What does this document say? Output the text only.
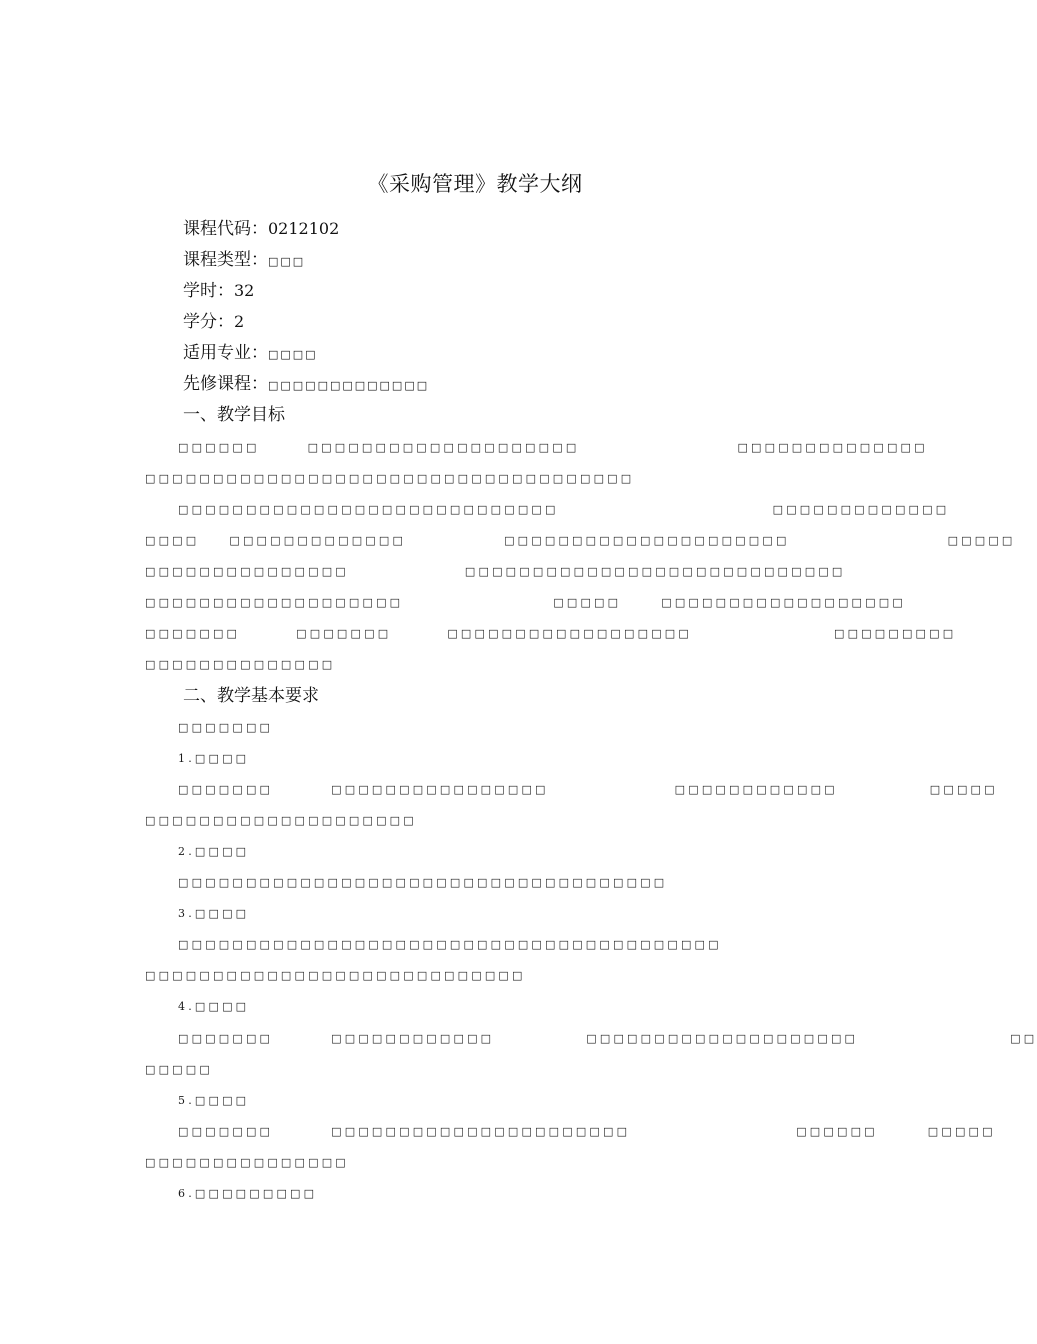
《采购管理》教学大纲
课程代码：0212102
课程类型：□□□
学时：32
学分：2
适用专业：□□□□
先修课程：□□□□□□□□□□□□□
一、教学目标
□□□□□□	□□□□□□□□□□□□□□□□□□□□	□□□□□□□□□□□□□□
□□□□□□□□□□□□□□□□□□□□□□□□□□□□□□□□□□□□
□□□□□□□□□□□□□□□□□□□□□□□□□□□□	□□□□□□□□□□□□□
□□□□	□□□□□□□□□□□□□	□□□□□□□□□□□□□□□□□□□□□	□□□□□
□□□□□□□□□□□□□□□	□□□□□□□□□□□□□□□□□□□□□□□□□□□□
□□□□□□□□□□□□□□□□□□□	□□□□□	□□□□□□□□□□□□□□□□□□
□□□□□□□	□□□□□□□	□□□□□□□□□□□□□□□□□□	□□□□□□□□□
□□□□□□□□□□□□□□
二、教学基本要求
□□□□□□□
1.□□□□
□□□□□□□	□□□□□□□□□□□□□□□□	□□□□□□□□□□□□	□□□□□
□□□□□□□□□□□□□□□□□□□□
2.□□□□
□□□□□□□□□□□□□□□□□□□□□□□□□□□□□□□□□□□□
3.□□□□
□□□□□□□□□□□□□□□□□□□□□□□□□□□□□□□□□□□□□□□□
□□□□□□□□□□□□□□□□□□□□□□□□□□□□
4.□□□□
□□□□□□□	□□□□□□□□□□□□	□□□□□□□□□□□□□□□□□□□□	□□
□□□□□
5.□□□□
□□□□□□□	□□□□□□□□□□□□□□□□□□□□□□	□□□□□□	□□□□□
□□□□□□□□□□□□□□□
6.□□□□□□□□□
